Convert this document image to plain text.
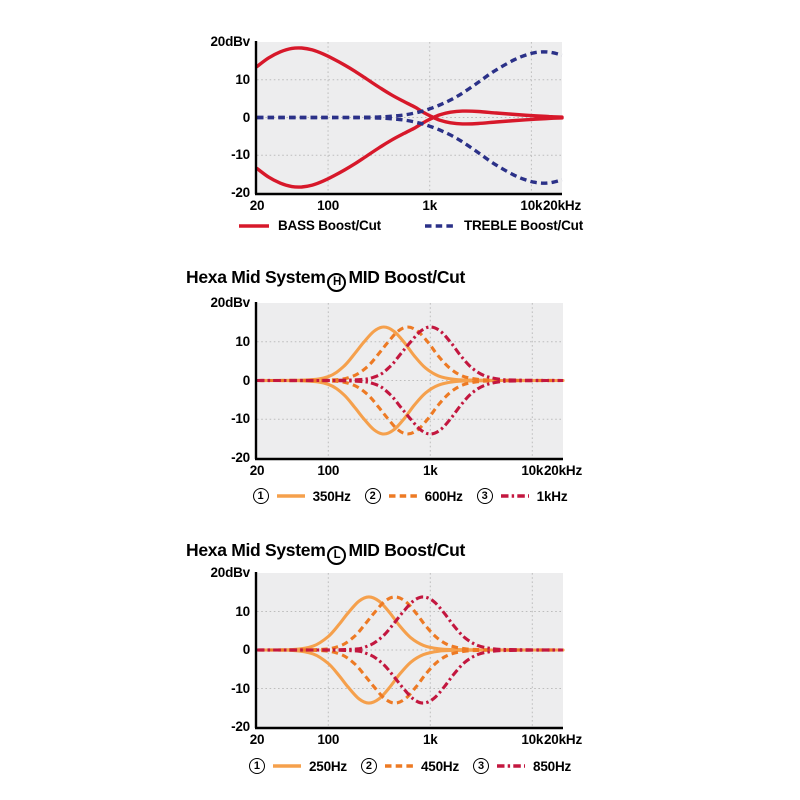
BASS Boost/Cut	TREBLE Boost/Cut
20dBv
10
0
-10
-20
20	100	1k	10k 20kHz
Hexa Mid System H MID Boost/Cut
1	350Hz	2	600Hz	3	1kHz
20dBv
10
0
-10
-20
20	100	1k	10k 20kHz
Hexa Mid System L MID Boost/Cut
1	250Hz	2	450Hz	3	850Hz
20dBv
10
0
-10
-20
20	100	1k	10k 20kHz
